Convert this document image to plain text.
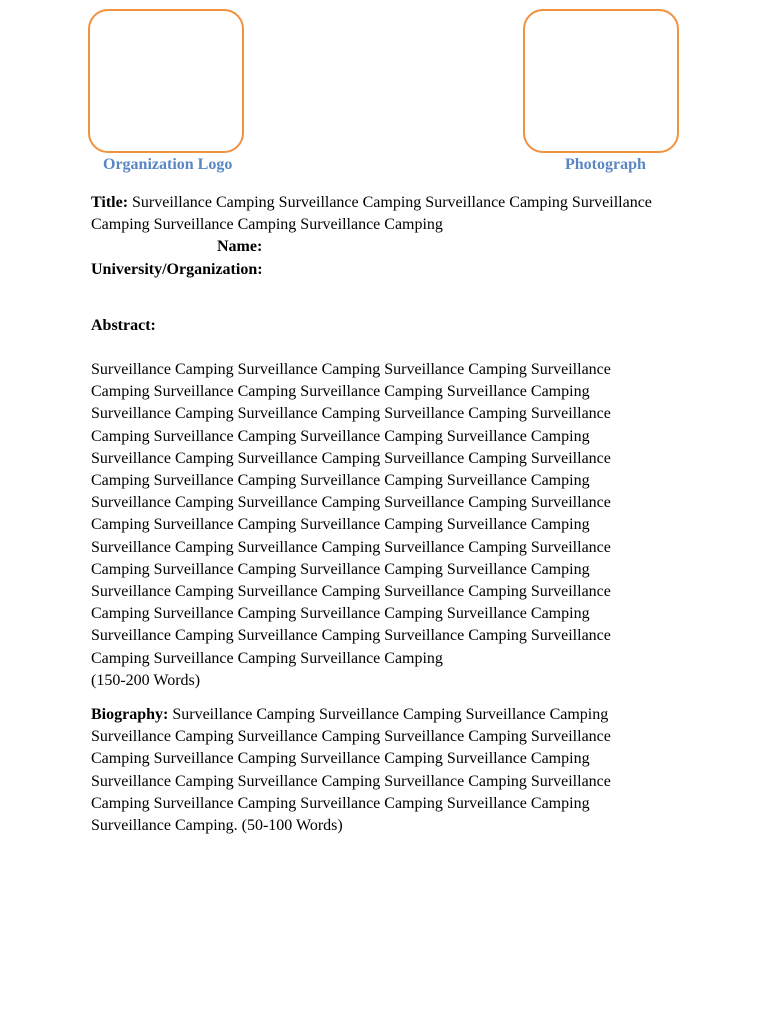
Organization Logo	Photograph
Title: Surveillance Camping Surveillance Camping Surveillance Camping Surveillance
Camping Surveillance Camping Surveillance Camping
Name:
University/Organization:
Abstract:
Surveillance Camping Surveillance Camping Surveillance Camping Surveillance
Camping Surveillance Camping Surveillance Camping Surveillance Camping
Surveillance Camping Surveillance Camping Surveillance Camping Surveillance
Camping Surveillance Camping Surveillance Camping Surveillance Camping
Surveillance Camping Surveillance Camping Surveillance Camping Surveillance
Camping Surveillance Camping Surveillance Camping Surveillance Camping
Surveillance Camping Surveillance Camping Surveillance Camping Surveillance
Camping Surveillance Camping Surveillance Camping Surveillance Camping
Surveillance Camping Surveillance Camping Surveillance Camping Surveillance
Camping Surveillance Camping Surveillance Camping Surveillance Camping
Surveillance Camping Surveillance Camping Surveillance Camping Surveillance
Camping Surveillance Camping Surveillance Camping Surveillance Camping
Surveillance Camping Surveillance Camping Surveillance Camping Surveillance
Camping Surveillance Camping Surveillance Camping
(150-200 Words)
Biography: Surveillance Camping Surveillance Camping Surveillance Camping
Surveillance Camping Surveillance Camping Surveillance Camping Surveillance
Camping Surveillance Camping Surveillance Camping Surveillance Camping
Surveillance Camping Surveillance Camping Surveillance Camping Surveillance
Camping Surveillance Camping Surveillance Camping Surveillance Camping
Surveillance Camping. (50-100 Words)
